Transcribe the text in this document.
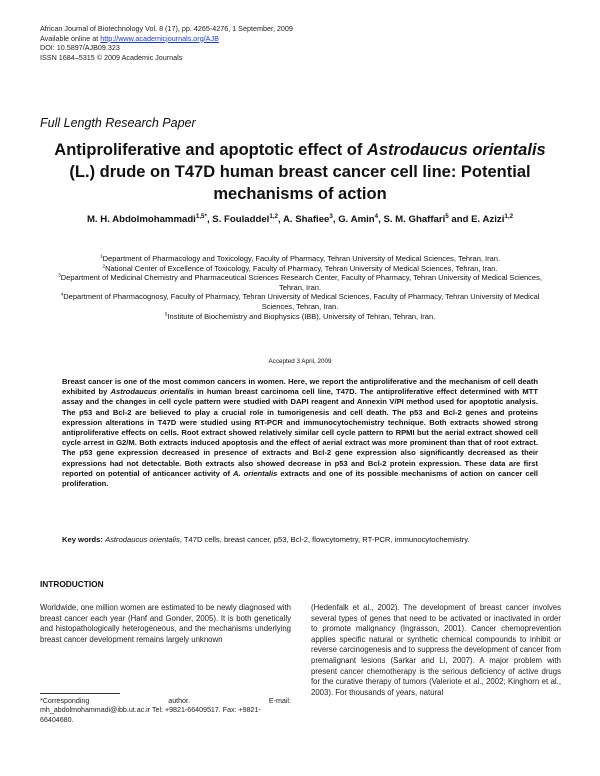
African Journal of Biotechnology Vol. 8 (17), pp. 4265-4276, 1 September, 2009
Available online at http://www.academicjournals.org/AJB
DOI: 10.5897/AJB09.323
ISSN 1684–5315 © 2009 Academic Journals
Full Length Research Paper
Antiproliferative and apoptotic effect of Astrodaucus orientalis (L.) drude on T47D human breast cancer cell line: Potential mechanisms of action
M. H. Abdolmohammadi$^{1,5*}$, S. Fouladdel$^{1,2}$, A. Shafiee$^3$, G. Amin$^4$, S. M. Ghaffari$^5$ and E. Azizi$^{1,2}$
$^1$Department of Pharmacology and Toxicology, Faculty of Pharmacy, Tehran University of Medical Sciences, Tehran, Iran.
$^2$National Center of Excellence of Toxicology, Faculty of Pharmacy, Tehran University of Medical Sciences, Tehran, Iran.
$^3$Department of Medicinal Chemistry and Pharmaceutical Sciences Research Center, Faculty of Pharmacy, Tehran University of Medical Sciences, Tehran, Iran.
$^4$Department of Pharmacognosy, Faculty of Pharmacy, Tehran University of Medical Sciences, Faculty of Pharmacy, Tehran University of Medical Sciences, Tehran, Iran.
$^5$Institute of Biochemistry and Biophysics (IBB), University of Tehran, Tehran, Iran.
Accepted 3 April, 2009
Breast cancer is one of the most common cancers in women. Here, we report the antiproliferative and the mechanism of cell death exhibited by Astrodaucus orientalis in human breast carcinoma cell line, T47D. The antiproliferative effect determined with MTT assay and the changes in cell cycle pattern were studied with DAPI reagent and Annexin V/PI method used for apoptotic analysis. The p53 and Bcl-2 are believed to play a crucial role in tumorigenesis and cell death. The p53 and Bcl-2 genes and proteins expression alterations in T47D were studied using RT-PCR and immunocytochemistry technique. Both extracts showed strong antiproliferative effects on cells. Root extract showed relatively similar cell cycle pattern to RPMI but the aerial extract showed cell cycle arrest in G2/M. Both extracts induced apoptosis and the effect of aerial extract was more prominent than that of root extract. The p53 gene expression decreased in presence of extracts and Bcl-2 gene expression also significantly decreased as their expressions had not detectable. Both extracts also showed decrease in p53 and Bcl-2 protein expression. These data are first reported on potential of anticancer activity of A. orientalis extracts and one of its possible mechanisms of action on cancer cell proliferation.
Key words: Astrodaucus orientalis, T47D cells, breast cancer, p53, Bcl-2, flowcytometry, RT-PCR, immunocytochemistry.
INTRODUCTION
Worldwide, one million women are estimated to be newly diagnosed with breast cancer each year (Hanf and Gonder, 2005). It is both genetically and histopathologically heterogeneous, and the mechanisms underlying breast cancer development remains largely unknown
(Hedenfalk et al., 2002). The development of breast cancer involves several types of genes that need to be activated or inactivated in order to promote malignancy (Ingrasson, 2001). Cancer chemoprevention applies specific natural or synthetic chemical compounds to inhibit or reverse carcinogenesis and to suppress the development of cancer from premalignant lesions (Sarkar and Li, 2007). A major problem with present cancer chemotherapy is the serious deficiency of active drugs for the curative therapy of tumors (Valeriote et al., 2002; Kinghorn et al., 2003). For thousands of years, natural
*Corresponding	author.	E-mail:
mh_abdolmohammadi@ibb.ut.ac.ir Tel: +9821-66409517. Fax: +9821-66404680.
